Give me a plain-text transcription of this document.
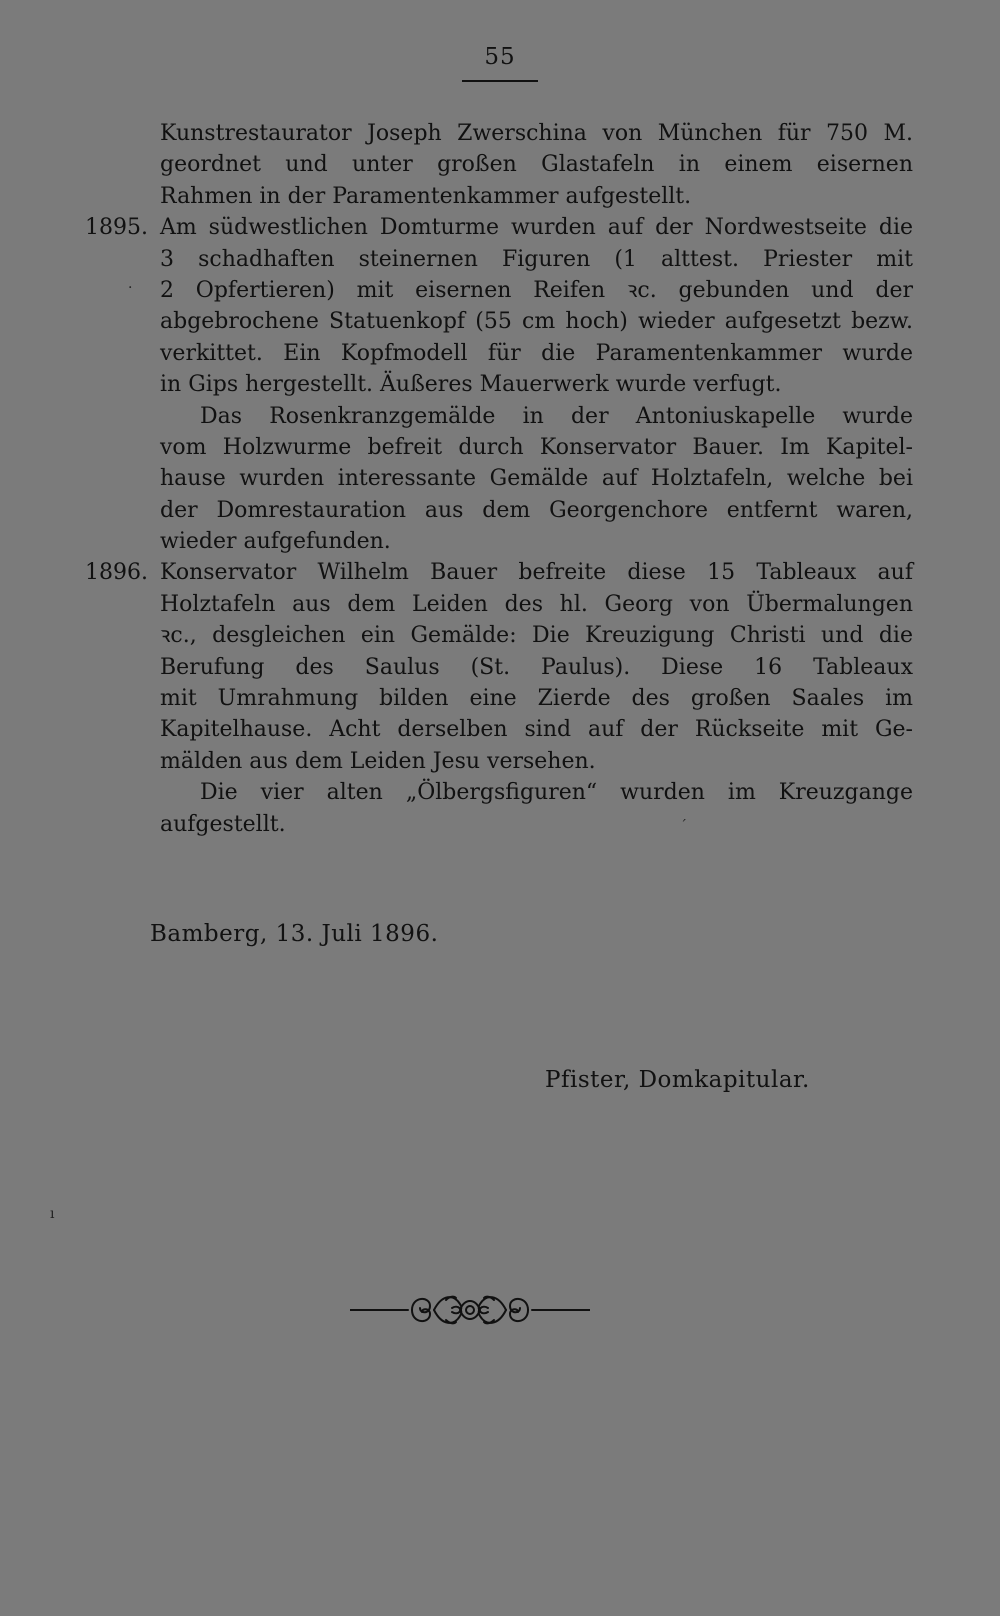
55
Kunstrestaurator Joseph Zwerschina von München für 750 M.
geordnet und unter großen Glastafeln in einem eisernen
Rahmen in der Paramentenkammer aufgestellt.
1895. Am südwestlichen Domturme wurden auf der Nordwestseite die
3 schadhaften steinernen Figuren (1 alttest. Priester mit
2 Opfertieren) mit eisernen Reifen ꝛc. gebunden und der
abgebrochene Statuenkopf (55 cm hoch) wieder aufgesetzt bezw.
verkittet. Ein Kopfmodell für die Paramentenkammer wurde
in Gips hergestellt. Äußeres Mauerwerk wurde verfugt.
Das Rosenkranzgemälde in der Antoniuskapelle wurde
vom Holzwurme befreit durch Konservator Bauer. Im Kapitel-
hause wurden interessante Gemälde auf Holztafeln, welche bei
der Domrestauration aus dem Georgenchore entfernt waren,
wieder aufgefunden.
1896. Konservator Wilhelm Bauer befreite diese 15 Tableaux auf
Holztafeln aus dem Leiden des hl. Georg von Übermalungen
ꝛc., desgleichen ein Gemälde: Die Kreuzigung Christi und die
Berufung des Saulus (St. Paulus). Diese 16 Tableaux
mit Umrahmung bilden eine Zierde des großen Saales im
Kapitelhause. Acht derselben sind auf der Rückseite mit Ge-
mälden aus dem Leiden Jesu versehen.
Die vier alten „Ölbergsfiguren“ wurden im Kreuzgange
aufgestellt.
Bamberg, 13. Juli 1896.
Pfister, Domkapitular.
·
ˊ
ı
